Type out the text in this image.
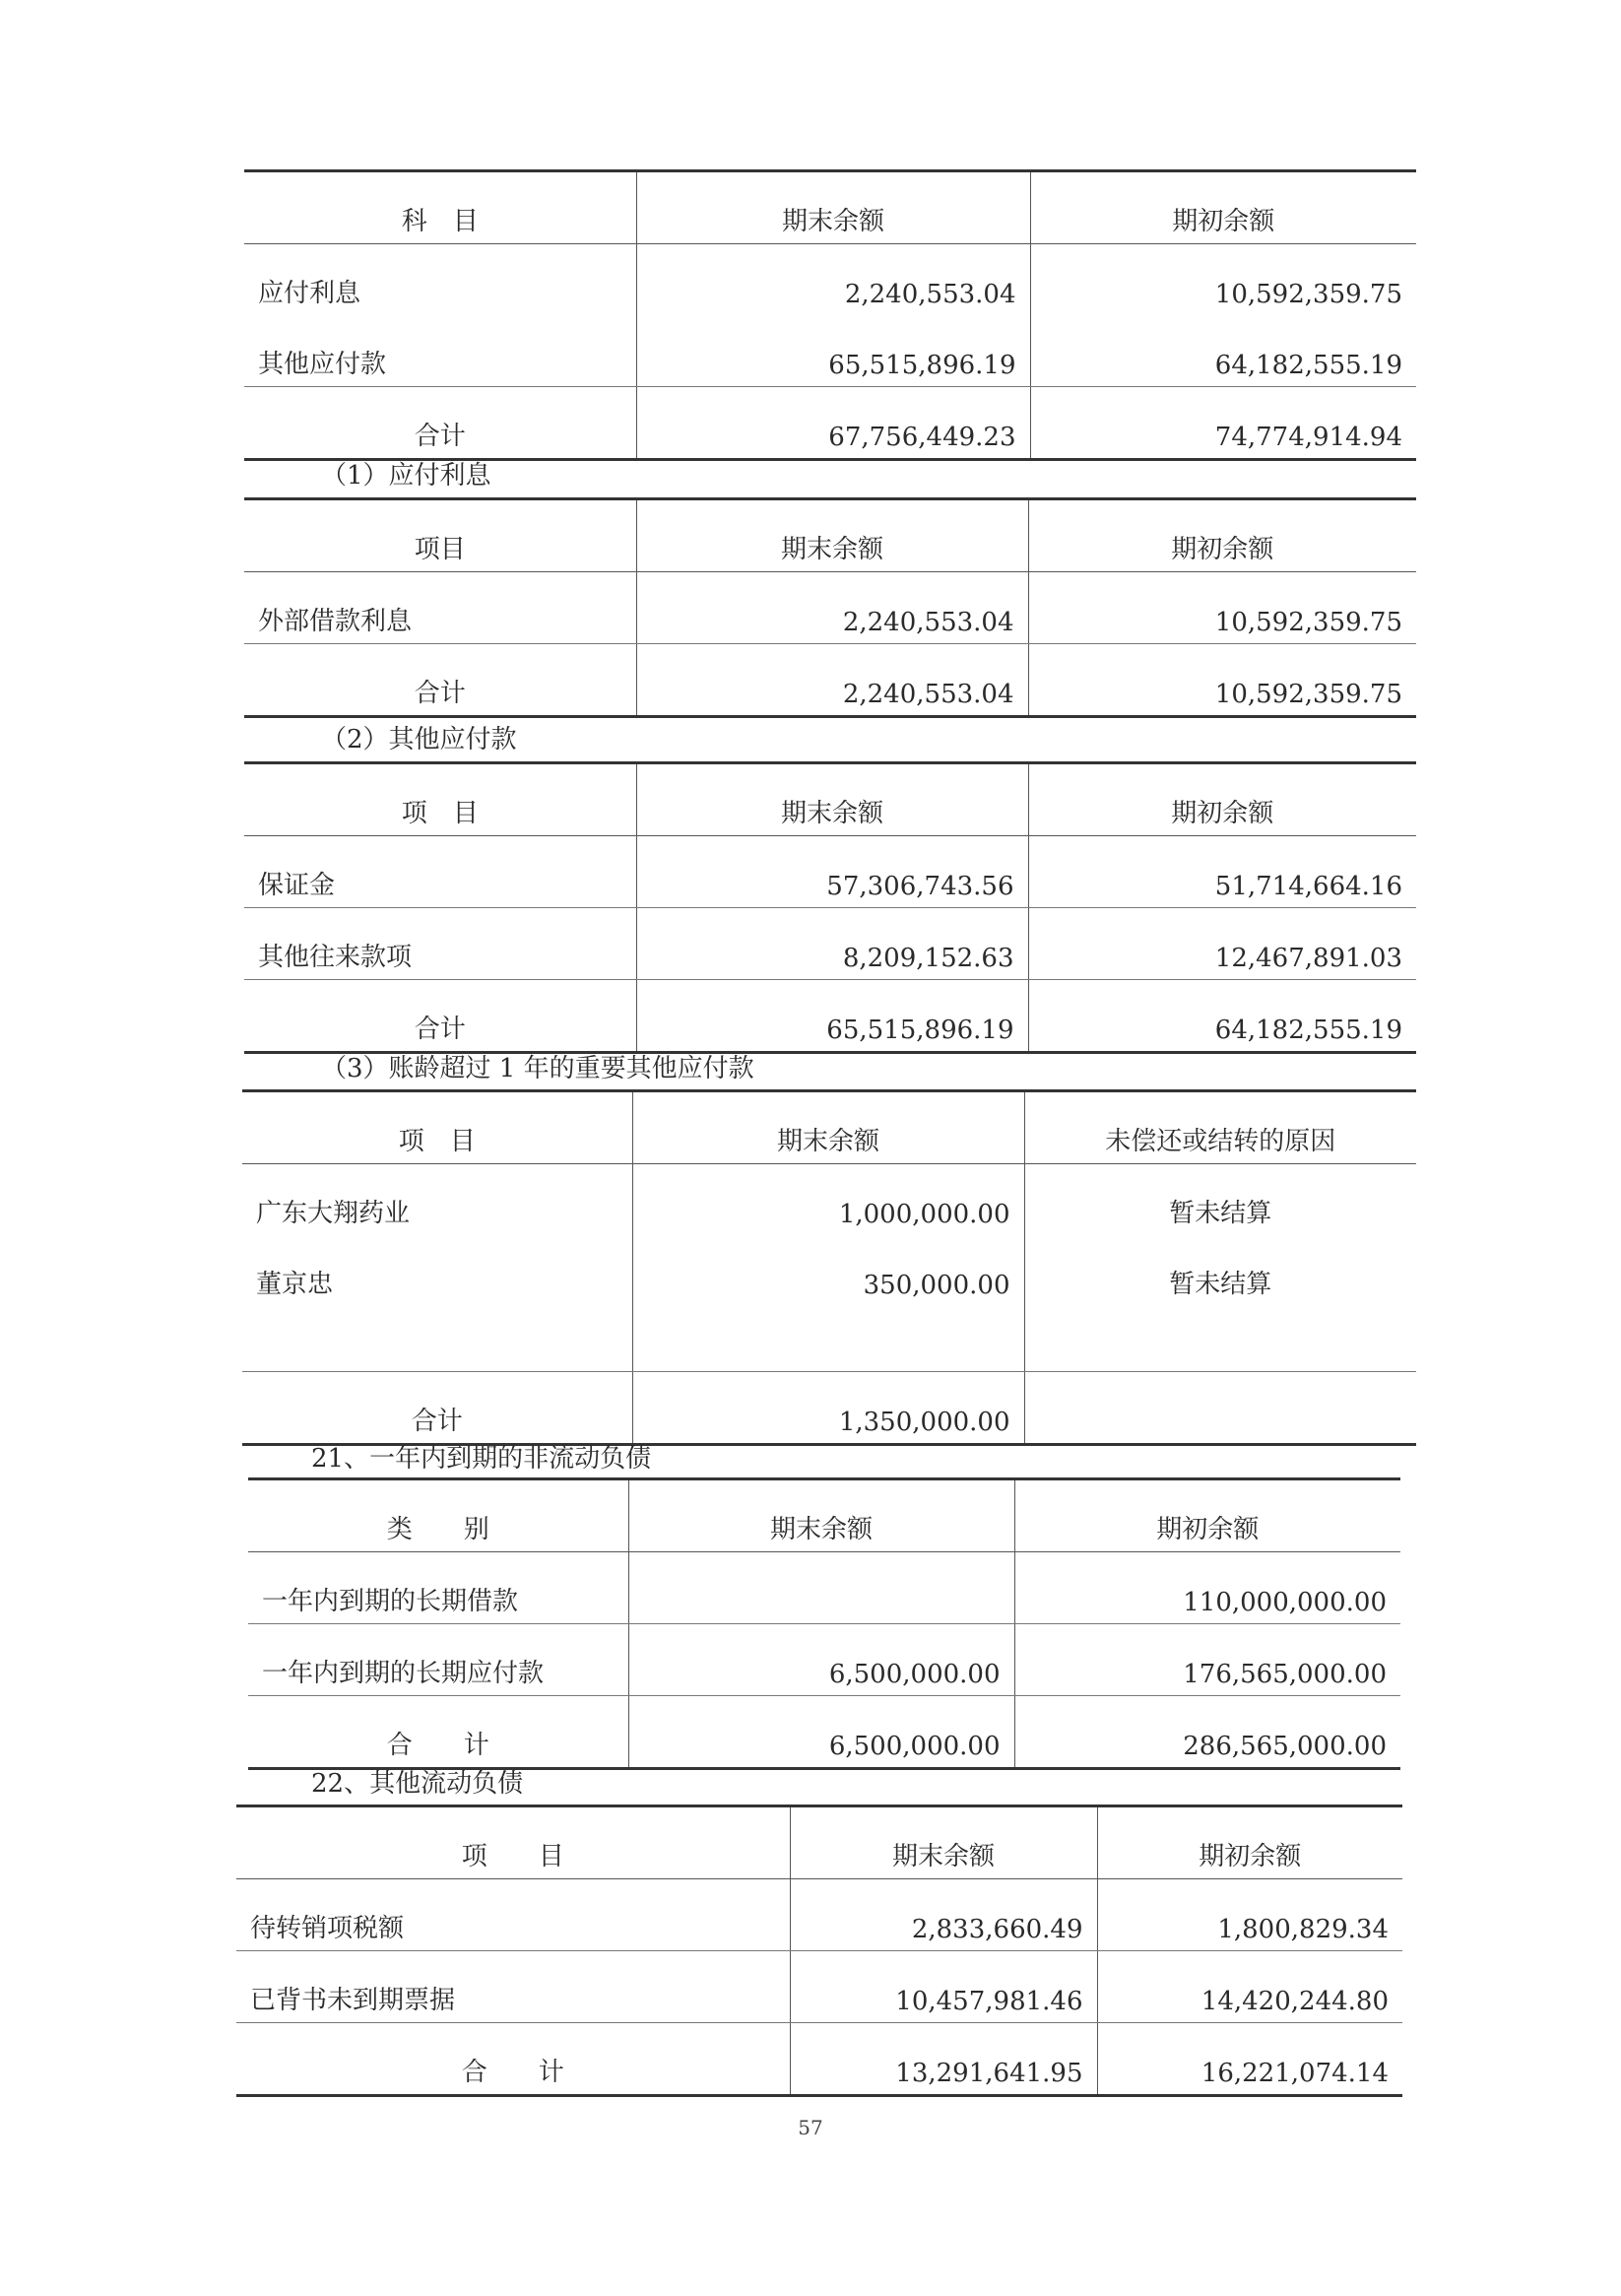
科　目	期末余额	期初余额
应付利息	2,240,553.04	10,592,359.75
其他应付款	65,515,896.19	64,182,555.19
合计	67,756,449.23	74,774,914.94
（1）应付利息
项目	期末余额	期初余额
外部借款利息	2,240,553.04	10,592,359.75
合计	2,240,553.04	10,592,359.75
（2）其他应付款
项　目	期末余额	期初余额
保证金	57,306,743.56	51,714,664.16
其他往来款项	8,209,152.63	12,467,891.03
合计	65,515,896.19	64,182,555.19
（3）账龄超过 1 年的重要其他应付款
项　目	期末余额	未偿还或结转的原因
广东大翔药业	1,000,000.00	暂未结算
董京忠	350,000.00	暂未结算

合计	1,350,000.00	
21、一年内到期的非流动负债
类　　别	期末余额	期初余额
一年内到期的长期借款		110,000,000.00
一年内到期的长期应付款	6,500,000.00	176,565,000.00
合　　计	6,500,000.00	286,565,000.00
22、其他流动负债
项　　目	期末余额	期初余额
待转销项税额	2,833,660.49	1,800,829.34
已背书未到期票据	10,457,981.46	14,420,244.80
合　　计	13,291,641.95	16,221,074.14
57
